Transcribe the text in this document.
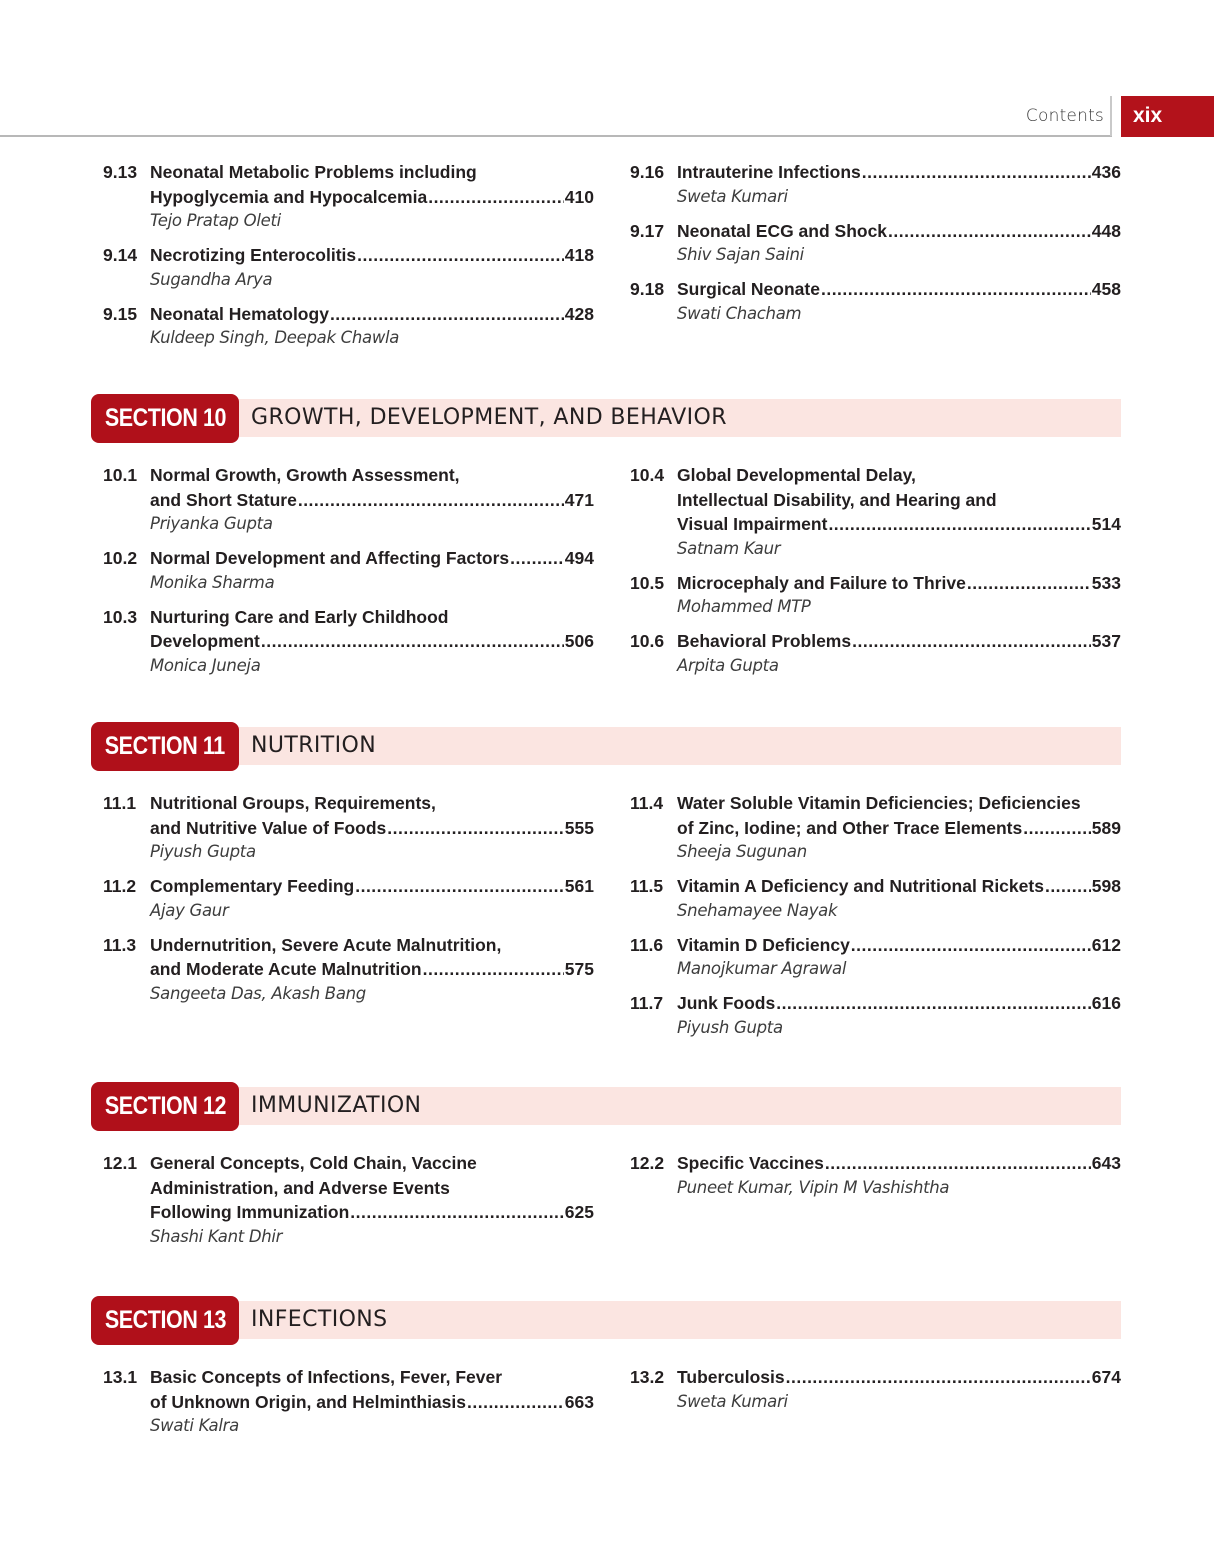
Contents	xix
9.13 Neonatal Metabolic Problems including
Hypoglycemia and Hypocalcemia .....	410
Tejo Pratap Oleti
9.14 Necrotizing Enterocolitis .....	418
Sugandha Arya
9.15 Neonatal Hematology .....	428
Kuldeep Singh, Deepak Chawla
9.16 Intrauterine Infections .....	436
Sweta Kumari
9.17 Neonatal ECG and Shock .....	448
Shiv Sajan Saini
9.18 Surgical Neonate .....	458
Swati Chacham
SECTION 10	GROWTH, DEVELOPMENT, AND BEHAVIOR
10.1 Normal Growth, Growth Assessment,
and Short Stature .....	471
Priyanka Gupta
10.2 Normal Development and Affecting Factors .....	494
Monika Sharma
10.3 Nurturing Care and Early Childhood
Development .....	506
Monica Juneja
10.4 Global Developmental Delay,
Intellectual Disability, and Hearing and
Visual Impairment .....	514
Satnam Kaur
10.5 Microcephaly and Failure to Thrive .....	533
Mohammed MTP
10.6 Behavioral Problems .....	537
Arpita Gupta
SECTION 11	NUTRITION
11.1 Nutritional Groups, Requirements,
and Nutritive Value of Foods .....	555
Piyush Gupta
11.2 Complementary Feeding .....	561
Ajay Gaur
11.3 Undernutrition, Severe Acute Malnutrition,
and Moderate Acute Malnutrition .....	575
Sangeeta Das, Akash Bang
11.4 Water Soluble Vitamin Deficiencies; Deficiencies
of Zinc, Iodine; and Other Trace Elements .....	589
Sheeja Sugunan
11.5 Vitamin A Deficiency and Nutritional Rickets .....	598
Snehamayee Nayak
11.6 Vitamin D Deficiency .....	612
Manojkumar Agrawal
11.7 Junk Foods .....	616
Piyush Gupta
SECTION 12	IMMUNIZATION
12.1 General Concepts, Cold Chain, Vaccine
Administration, and Adverse Events
Following Immunization .....	625
Shashi Kant Dhir
12.2 Specific Vaccines .....	643
Puneet Kumar, Vipin M Vashishtha
SECTION 13	INFECTIONS
13.1 Basic Concepts of Infections, Fever, Fever
of Unknown Origin, and Helminthiasis .....	663
Swati Kalra
13.2 Tuberculosis .....	674
Sweta Kumari
